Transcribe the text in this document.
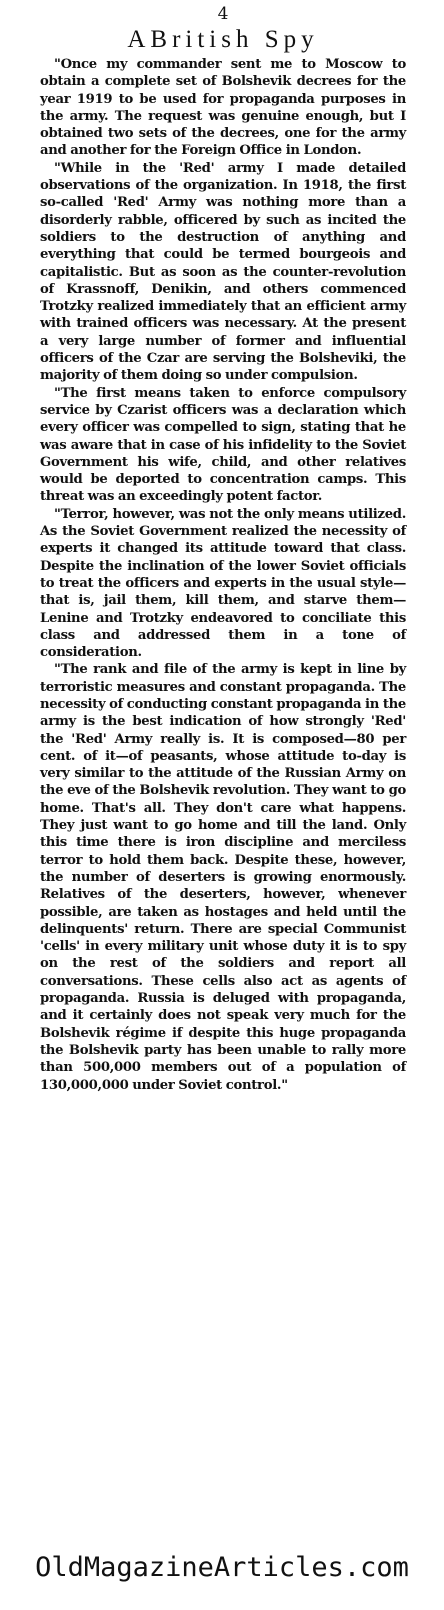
4
ABritish Spy

"Once my commander sent me to Moscow to obtain a complete set of Bolshevik decrees for the year 1919 to be used for propaganda purposes in the army. The request was genuine enough, but I obtained two sets of the decrees, one for the army and another for the Foreign Office in London.

"While in the 'Red' army I made detailed observations of the organization. In 1918, the first so-called 'Red' Army was nothing more than a disorderly rabble, officered by such as incited the soldiers to the destruction of anything and everything that could be termed bourgeois and capitalistic. But as soon as the counter-revolution of Krassnoff, Denikin, and others commenced Trotzky realized immediately that an efficient army with trained officers was necessary. At the present a very large number of former and influential officers of the Czar are serving the Bolsheviki, the majority of them doing so under compulsion.

"The first means taken to enforce compulsory service by Czarist officers was a declaration which every officer was compelled to sign, stating that he was aware that in case of his infidelity to the Soviet Government his wife, child, and other relatives would be deported to concentration camps. This threat was an exceedingly potent factor.

"Terror, however, was not the only means utilized. As the Soviet Government realized the necessity of experts it changed its attitude toward that class. Despite the inclination of the lower Soviet officials to treat the officers and experts in the usual style—that is, jail them, kill them, and starve them—Lenine and Trotzky endeavored to conciliate this class and addressed them in a tone of consideration.

"The rank and file of the army is kept in line by terroristic measures and constant propaganda. The necessity of conducting constant propaganda in the army is the best indication of how strongly 'Red' the 'Red' Army really is. It is composed—80 per cent. of it—of peasants, whose attitude to-day is very similar to the attitude of the Russian Army on the eve of the Bolshevik revolution. They want to go home. That's all. They don't care what happens. They just want to go home and till the land. Only this time there is iron discipline and merciless terror to hold them back. Despite these, however, the number of deserters is growing enormously. Relatives of the deserters, however, whenever possible, are taken as hostages and held until the delinquents' return. There are special Communist 'cells' in every military unit whose duty it is to spy on the rest of the soldiers and report all conversations. These cells also act as agents of propaganda. Russia is deluged with propaganda, and it certainly does not speak very much for the Bolshevik régime if despite this huge propaganda the Bolshevik party has been unable to rally more than 500,000 members out of a population of 130,000,000 under Soviet control."

OldMagazineArticles.com
